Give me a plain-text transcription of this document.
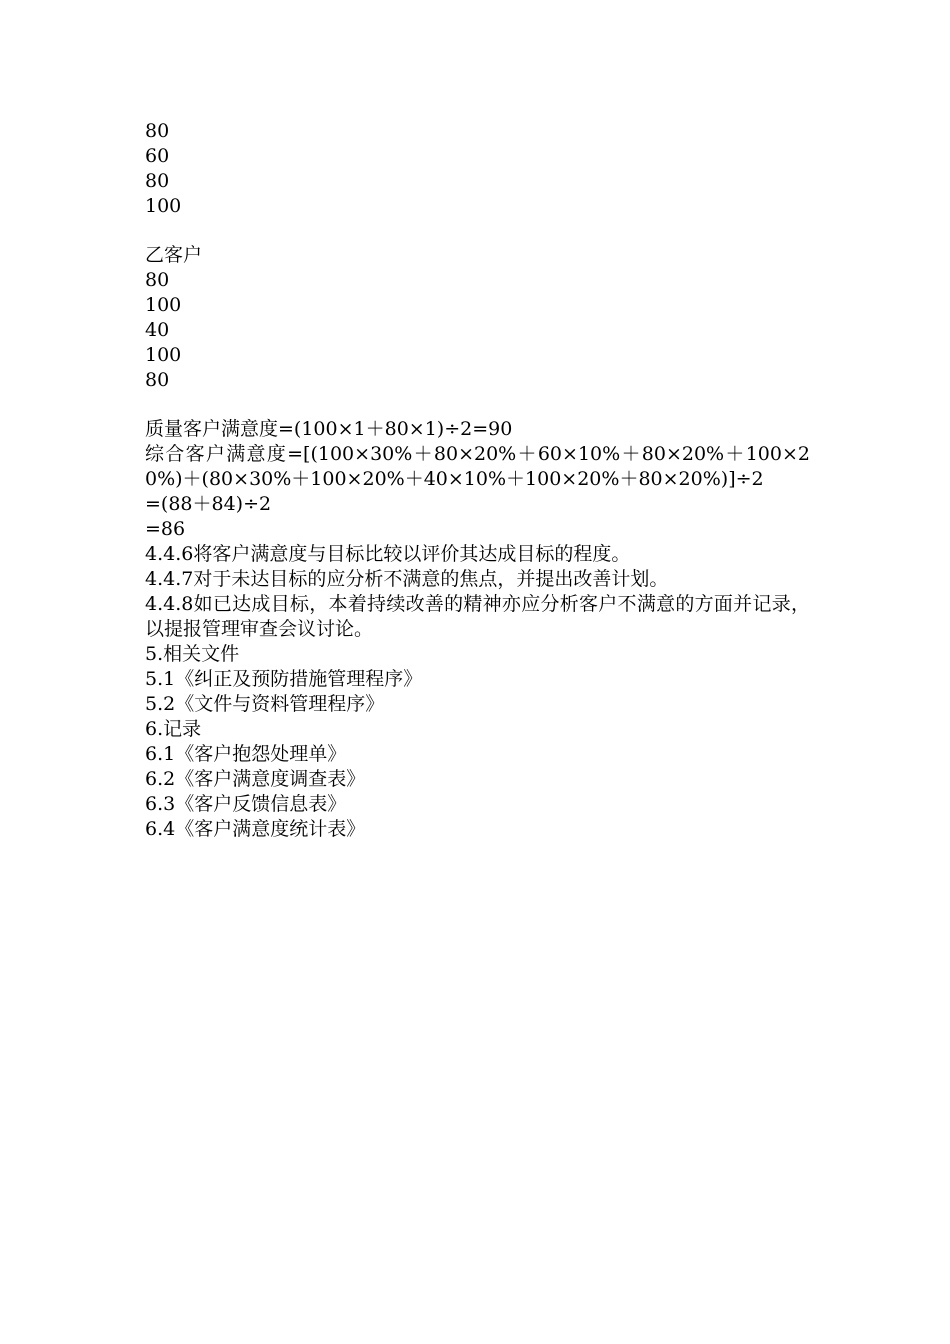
80
60
80
100
乙客户
80
100
40
100
80
质量客户满意度=(100×1＋80×1)÷2=90
综合客户满意度=[(100×30%＋80×20%＋60×10%＋80×20%＋100×20%)＋(80×30%＋100×20%＋40×10%＋100×20%＋80×20%)]÷2
=(88＋84)÷2
=86
4.4.6将客户满意度与目标比较以评价其达成目标的程度。
4.4.7对于未达目标的应分析不满意的焦点，并提出改善计划。
4.4.8如已达成目标，本着持续改善的精神亦应分析客户不满意的方面并记录，以提报管理审查会议讨论。
5.相关文件
5.1《纠正及预防措施管理程序》
5.2《文件与资料管理程序》
6.记录
6.1《客户抱怨处理单》
6.2《客户满意度调查表》
6.3《客户反馈信息表》
6.4《客户满意度统计表》
